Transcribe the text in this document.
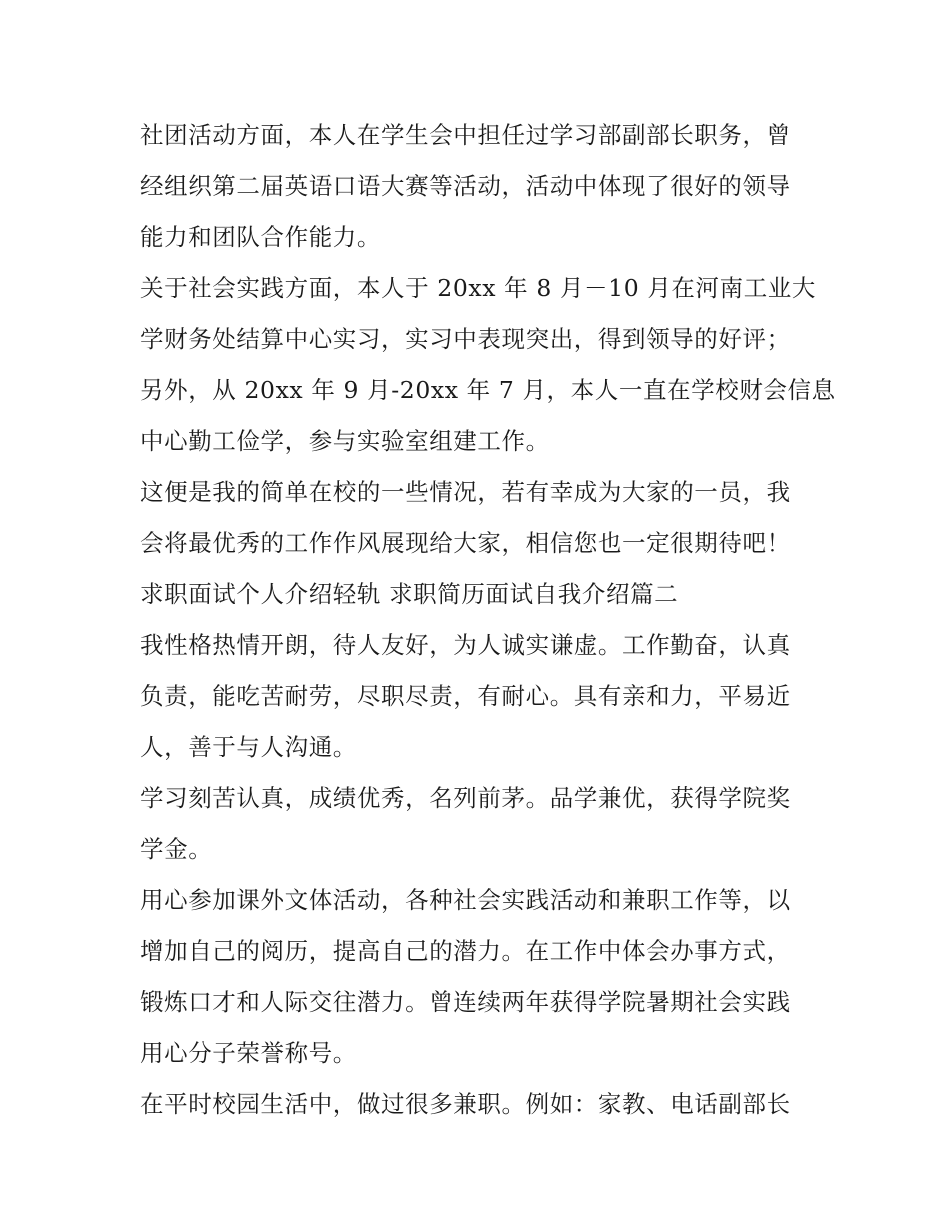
社团活动方面，本人在学生会中担任过学习部副部长职务，曾
经组织第二届英语口语大赛等活动，活动中体现了很好的领导
能力和团队合作能力。
关于社会实践方面，本人于 20xx 年 8 月－10 月在河南工业大
学财务处结算中心实习，实习中表现突出，得到领导的好评；
另外，从 20xx 年 9 月-20xx 年 7 月，本人一直在学校财会信息
中心勤工俭学，参与实验室组建工作。
这便是我的简单在校的一些情况，若有幸成为大家的一员，我
会将最优秀的工作作风展现给大家，相信您也一定很期待吧！
求职面试个人介绍轻轨 求职简历面试自我介绍篇二
我性格热情开朗，待人友好，为人诚实谦虚。工作勤奋，认真
负责，能吃苦耐劳，尽职尽责，有耐心。具有亲和力，平易近
人，善于与人沟通。
学习刻苦认真，成绩优秀，名列前茅。品学兼优，获得学院奖
学金。
用心参加课外文体活动，各种社会实践活动和兼职工作等，以
增加自己的阅历，提高自己的潜力。在工作中体会办事方式，
锻炼口才和人际交往潜力。曾连续两年获得学院暑期社会实践
用心分子荣誉称号。
在平时校园生活中，做过很多兼职。例如：家教、电话副部长
